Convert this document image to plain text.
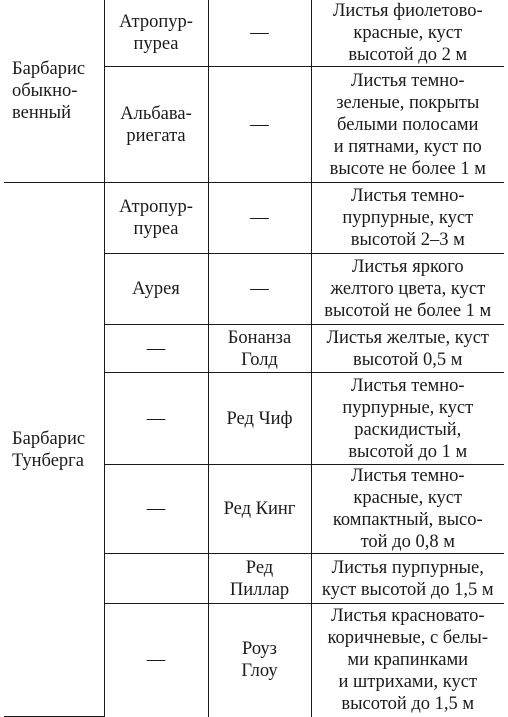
Барбарис
обыкно-
венный	Атропур-
пуреа	—	Листья фиолетово-
красные, куст
высотой до 2 м

	Альбава-
риегата	—	Листья темно-
зеленые, покрыты
белыми полосами
и пятнами, куст по
высоте не более 1 м

Барбарис
Тунберга	Атропур-
пуреа	—	Листья темно-
пурпурные, куст
высотой 2–3 м

	Аурея	—	Листья яркого
желтого цвета, куст
высотой не более 1 м

	—	Бонанза
Голд	Листья желтые, куст
высотой 0,5 м

	—	Ред Чиф	Листья темно-
пурпурные, куст
раскидистый,
высотой до 1 м

	—	Ред Кинг	Листья темно-
красные, куст
компактный, высо-
той до 0,8 м

		Ред
Пиллар	Листья пурпурные,
куст высотой до 1,5 м

	—	Роуз
Глоу	Листья красновато-
коричневые, с белы-
ми крапинками
и штрихами, куст
высотой до 1,5 м
